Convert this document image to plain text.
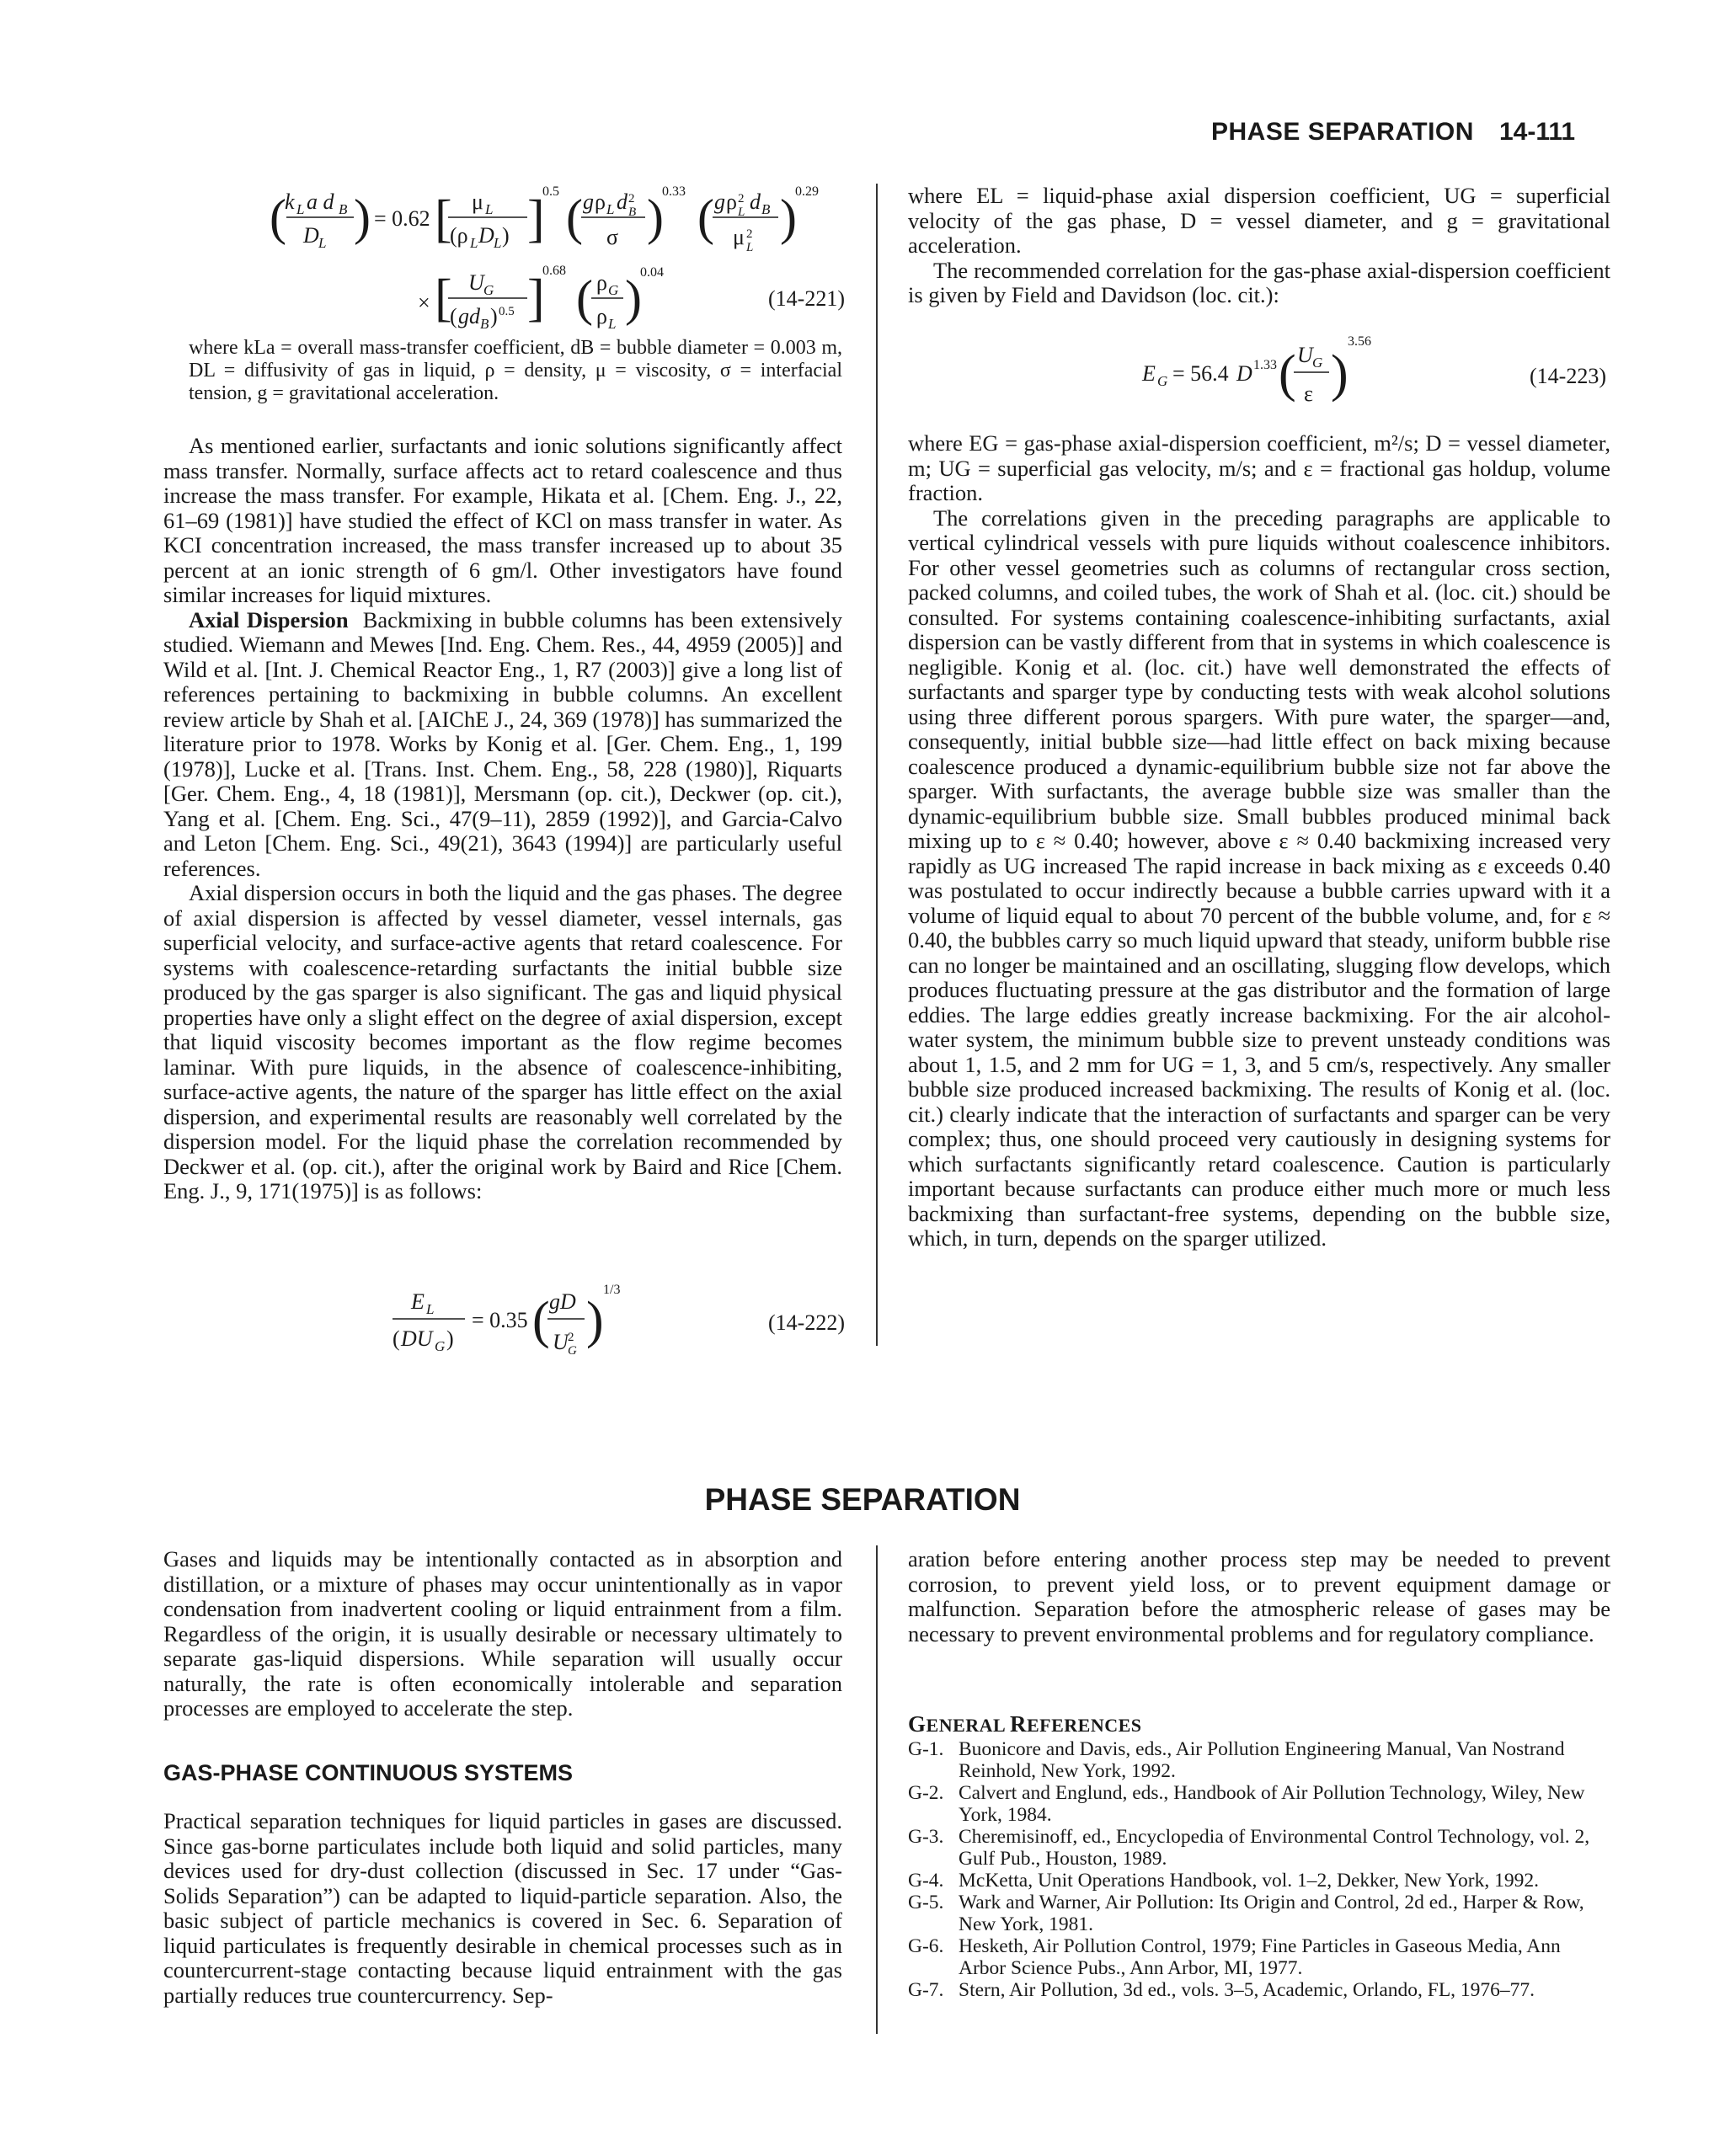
PHASE SEPARATION 14-111
(
k L a d B
D L ) = 0.62 [ μ L
(ρ L D L ) ]
0.5 ( g ρ L d 2
B
σ )
0.33 ( g ρ 2
L d B
μ 2
L
)
0.29
× [ U G
( gd B ) 0.5 ]
0.68 ( ρ G
ρ L )
0.04
(14-221)
where kLa = overall mass-transfer coefficient, dB = bubble diameter = 0.003 m, DL = diffusivity of gas in liquid, ρ = density, μ = viscosity, σ = interfacial tension, g = gravitational acceleration.

As mentioned earlier, surfactants and ionic solutions significantly affect mass transfer. Normally, surface affects act to retard coalescence and thus increase the mass transfer. For example, Hikata et al. [Chem. Eng. J., 22, 61–69 (1981)] have studied the effect of KCl on mass transfer in water. As KCI concentration increased, the mass transfer increased up to about 35 percent at an ionic strength of 6 gm/l. Other investigators have found similar increases for liquid mixtures.

Axial Dispersion Backmixing in bubble columns has been extensively studied. Wiemann and Mewes [Ind. Eng. Chem. Res., 44, 4959 (2005)] and Wild et al. [Int. J. Chemical Reactor Eng., 1, R7 (2003)] give a long list of references pertaining to backmixing in bubble columns. An excellent review article by Shah et al. [AIChE J., 24, 369 (1978)] has summarized the literature prior to 1978. Works by Konig et al. [Ger. Chem. Eng., 1, 199 (1978)], Lucke et al. [Trans. Inst. Chem. Eng., 58, 228 (1980)], Riquarts [Ger. Chem. Eng., 4, 18 (1981)], Mersmann (op. cit.), Deckwer (op. cit.), Yang et al. [Chem. Eng. Sci., 47(9–11), 2859 (1992)], and Garcia-Calvo and Leton [Chem. Eng. Sci., 49(21), 3643 (1994)] are particularly useful references.

Axial dispersion occurs in both the liquid and the gas phases. The degree of axial dispersion is affected by vessel diameter, vessel internals, gas superficial velocity, and surface-active agents that retard coalescence. For systems with coalescence-retarding surfactants the initial bubble size produced by the gas sparger is also significant. The gas and liquid physical properties have only a slight effect on the degree of axial dispersion, except that liquid viscosity becomes important as the flow regime becomes laminar. With pure liquids, in the absence of coalescence-inhibiting, surface-active agents, the nature of the sparger has little effect on the axial dispersion, and experimental results are reasonably well correlated by the dispersion model. For the liquid phase the correlation recommended by Deckwer et al. (op. cit.), after the original work by Baird and Rice [Chem. Eng. J., 9, 171(1975)] is as follows:

E L
( DU G )
= 0.35 ( gD
U 2
G
)
1/3
(14-222)

where EL = liquid-phase axial dispersion coefficient, UG = superficial velocity of the gas phase, D = vessel diameter, and g = gravitational acceleration.

The recommended correlation for the gas-phase axial-dispersion coefficient is given by Field and Davidson (loc. cit.):

E G = 56.4 D 1.33 ( U G
ε )
3.56
(14-223)

where EG = gas-phase axial-dispersion coefficient, m²/s; D = vessel diameter, m; UG = superficial gas velocity, m/s; and ε = fractional gas holdup, volume fraction.

The correlations given in the preceding paragraphs are applicable to vertical cylindrical vessels with pure liquids without coalescence inhibitors. For other vessel geometries such as columns of rectangular cross section, packed columns, and coiled tubes, the work of Shah et al. (loc. cit.) should be consulted. For systems containing coalescence-inhibiting surfactants, axial dispersion can be vastly different from that in systems in which coalescence is negligible. Konig et al. (loc. cit.) have well demonstrated the effects of surfactants and sparger type by conducting tests with weak alcohol solutions using three different porous spargers. With pure water, the sparger—and, consequently, initial bubble size—had little effect on back mixing because coalescence produced a dynamic-equilibrium bubble size not far above the sparger. With surfactants, the average bubble size was smaller than the dynamic-equilibrium bubble size. Small bubbles produced minimal back mixing up to ε ≈ 0.40; however, above ε ≈ 0.40 backmixing increased very rapidly as UG increased The rapid increase in back mixing as ε exceeds 0.40 was postulated to occur indirectly because a bubble carries upward with it a volume of liquid equal to about 70 percent of the bubble volume, and, for ε ≈ 0.40, the bubbles carry so much liquid upward that steady, uniform bubble rise can no longer be maintained and an oscillating, slugging flow develops, which produces fluctuating pressure at the gas distributor and the formation of large eddies. The large eddies greatly increase backmixing. For the air alcohol-water system, the minimum bubble size to prevent unsteady conditions was about 1, 1.5, and 2 mm for UG = 1, 3, and 5 cm/s, respectively. Any smaller bubble size produced increased backmixing. The results of Konig et al. (loc. cit.) clearly indicate that the interaction of surfactants and sparger can be very complex; thus, one should proceed very cautiously in designing systems for which surfactants significantly retard coalescence. Caution is particularly important because surfactants can produce either much more or much less backmixing than surfactant-free systems, depending on the bubble size, which, in turn, depends on the sparger utilized.

PHASE SEPARATION

Gases and liquids may be intentionally contacted as in absorption and distillation, or a mixture of phases may occur unintentionally as in vapor condensation from inadvertent cooling or liquid entrainment from a film. Regardless of the origin, it is usually desirable or necessary ultimately to separate gas-liquid dispersions. While separation will usually occur naturally, the rate is often economically intolerable and separation processes are employed to accelerate the step.

GAS-PHASE CONTINUOUS SYSTEMS

Practical separation techniques for liquid particles in gases are discussed. Since gas-borne particulates include both liquid and solid particles, many devices used for dry-dust collection (discussed in Sec. 17 under “Gas-Solids Separation”) can be adapted to liquid-particle separation. Also, the basic subject of particle mechanics is covered in Sec. 6. Separation of liquid particulates is frequently desirable in chemical processes such as in countercurrent-stage contacting because liquid entrainment with the gas partially reduces true countercurrency. Sep-

aration before entering another process step may be needed to prevent corrosion, to prevent yield loss, or to prevent equipment damage or malfunction. Separation before the atmospheric release of gases may be necessary to prevent environmental problems and for regulatory compliance.

GENERAL REFERENCES
G-1. Buonicore and Davis, eds., Air Pollution Engineering Manual, Van Nostrand Reinhold, New York, 1992.
G-2. Calvert and Englund, eds., Handbook of Air Pollution Technology, Wiley, New York, 1984.
G-3. Cheremisinoff, ed., Encyclopedia of Environmental Control Technology, vol. 2, Gulf Pub., Houston, 1989.
G-4. McKetta, Unit Operations Handbook, vol. 1–2, Dekker, New York, 1992.
G-5. Wark and Warner, Air Pollution: Its Origin and Control, 2d ed., Harper & Row, New York, 1981.
G-6. Hesketh, Air Pollution Control, 1979; Fine Particles in Gaseous Media, Ann Arbor Science Pubs., Ann Arbor, MI, 1977.
G-7. Stern, Air Pollution, 3d ed., vols. 3–5, Academic, Orlando, FL, 1976–77.
